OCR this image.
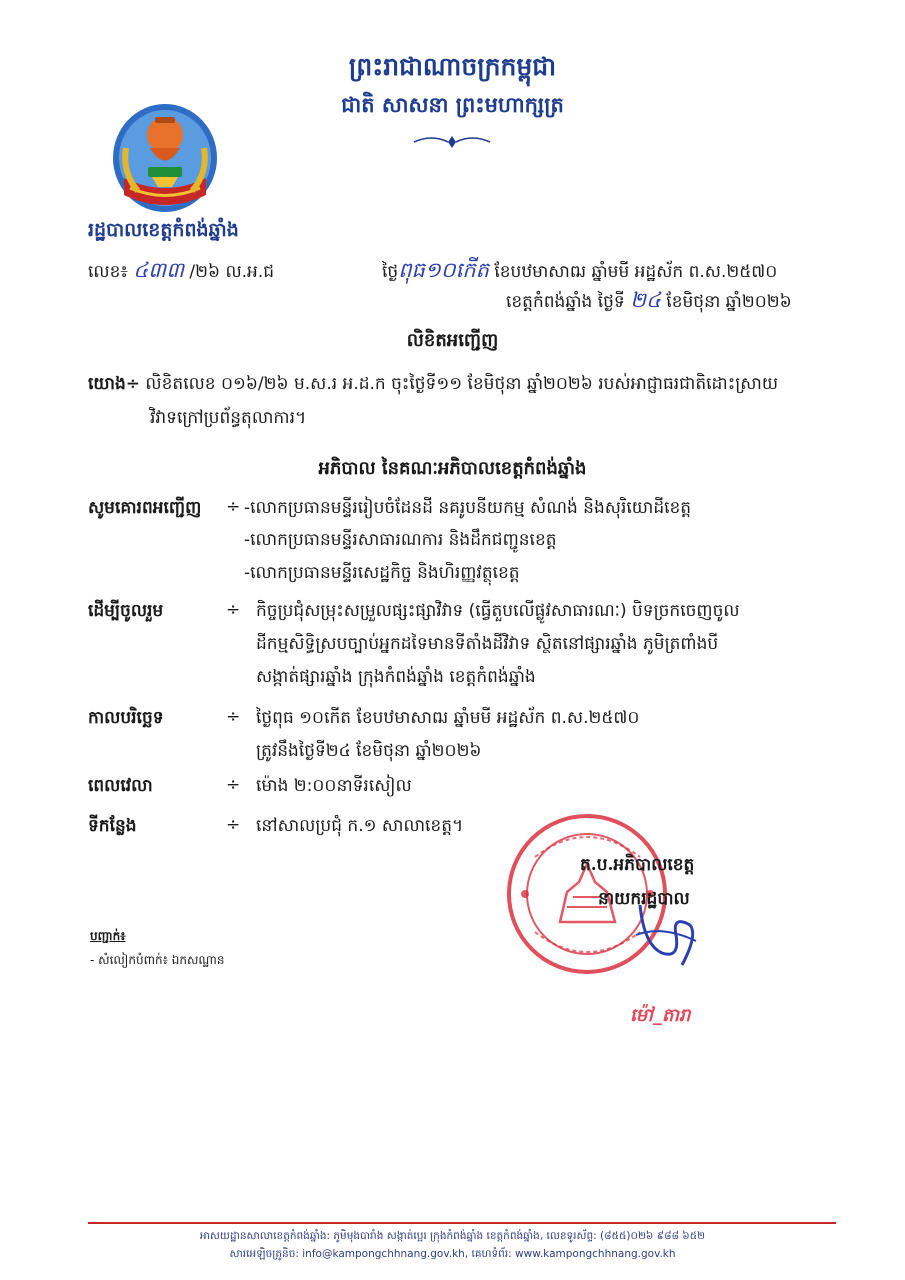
ព្រះរាជាណាចក្រកម្ពុជា
ជាតិ សាសនា ព្រះមហាក្សត្រ
រដ្ឋបាលខេត្តកំពង់ឆ្នាំង
លេខ៖ ៤៣៣ /២៦ ល.អ.ជ	ថ្ងៃពុធ១០កើត ខែបឋមាសាឍ ឆ្នាំមមី អដ្ឋស័ក ព.ស.២៥៧០
ខេត្តកំពង់ឆ្នាំង ថ្ងៃទី ២៤ ខែមិថុនា ឆ្នាំ២០២៦
លិខិតអញ្ជើញ
យោង÷ លិខិតលេខ ០១៦/២៦ ម.ស.រ អ.ដ.ក ចុះថ្ងៃទី១១ ខែមិថុនា ឆ្នាំ២០២៦ របស់អាជ្ញាធរជាតិដោះស្រាយ
វិវាទក្រៅប្រព័ន្ធតុលាការ។
អភិបាល នៃគណៈអភិបាលខេត្តកំពង់ឆ្នាំង
សូមគោរពអញ្ជើញ ÷ -លោកប្រធានមន្ទីររៀបចំដែនដី នគរូបនីយកម្ម សំណង់ និងសុរិយោដីខេត្ត
-លោកប្រធានមន្ទីរសាធារណការ និងដឹកជញ្ជូនខេត្ត
-លោកប្រធានមន្ទីរសេដ្ឋកិច្ច និងហិរញ្ញវត្ថុខេត្ត
ដើម្បីចូលរួម	÷ កិច្ចប្រជុំសម្រុះសម្រួលផ្សះផ្សាវិវាទ (ធ្វើតួបលើផ្លូវសាធារណៈ) បិទច្រកចេញចូល
ដីកម្មសិទ្ធិស្របច្បាប់អ្នកដទៃមានទីតាំងដីវិវាទ ស្ថិតនៅផ្សារឆ្នាំង ភូមិត្រពាំងបី
សង្កាត់ផ្សារឆ្នាំង ក្រុងកំពង់ឆ្នាំង ខេត្តកំពង់ឆ្នាំង
កាលបរិច្ឆេទ	÷ ថ្ងៃពុធ ១០កើត ខែបឋមាសាឍ ឆ្នាំមមី អដ្ឋស័ក ព.ស.២៥៧០
ត្រូវនឹងថ្ងៃទី២៤ ខែមិថុនា ឆ្នាំ២០២៦
ពេលវេលា	÷ ម៉ោង ២:០០នាទីរសៀល
ទីកន្លែង	÷ នៅសាលប្រជុំ ក.១ សាលាខេត្ត។
ត.ប.អភិបាលខេត្ត
នាយករដ្ឋបាល
ម៉ៅ_តារា
បញ្ជាក់៖
- សំលៀកបំពាក់៖ ឯកសណ្ឋាន
អាសយដ្ឋានសាលាខេត្តកំពង់ឆ្នាំង: ភូមិមុងបារាំង សង្កាត់ប្អេរ ក្រុងកំពង់ឆ្នាំង ខេត្តកំពង់ឆ្នាំង, លេខទូរស័ព្ទ: (៨៥៥)០២៦ ៩៨៨ ៦៥២
សារអេឡិចត្រូនិច: info@kampongchhnang.gov.kh, គេហទំព័រ: www.kampongchhnang.gov.kh
